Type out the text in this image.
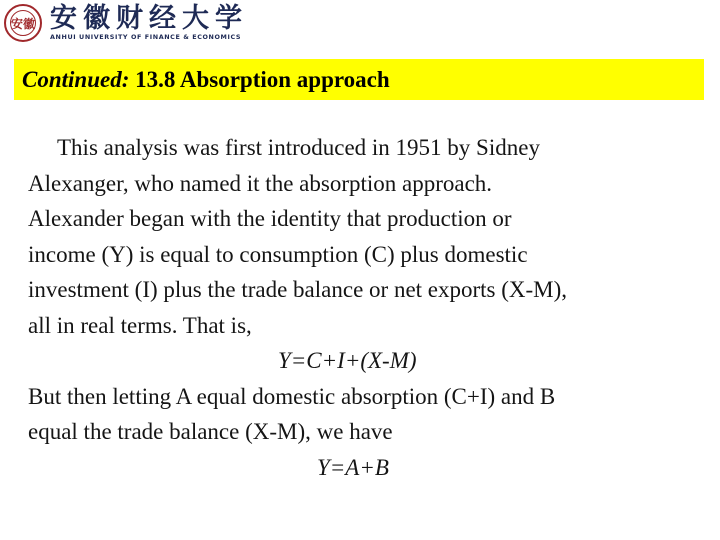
安徽 安徽财经大学
ANHUI UNIVERSITY OF FINANCE & ECONOMICS
Continued:
13.8 Absorption approach
This analysis was first introduced in 1951 by Sidney
Alexanger, who named it the absorption approach.
Alexander began with the identity that production or
income (Y) is equal to consumption (C) plus domestic
investment (I) plus the trade balance or net exports (X-M),
all in real terms. That is,
Y=C+I+(X-M)
But then letting A equal domestic absorption (C+I) and B
equal the trade balance (X-M), we have
Y=A+B
